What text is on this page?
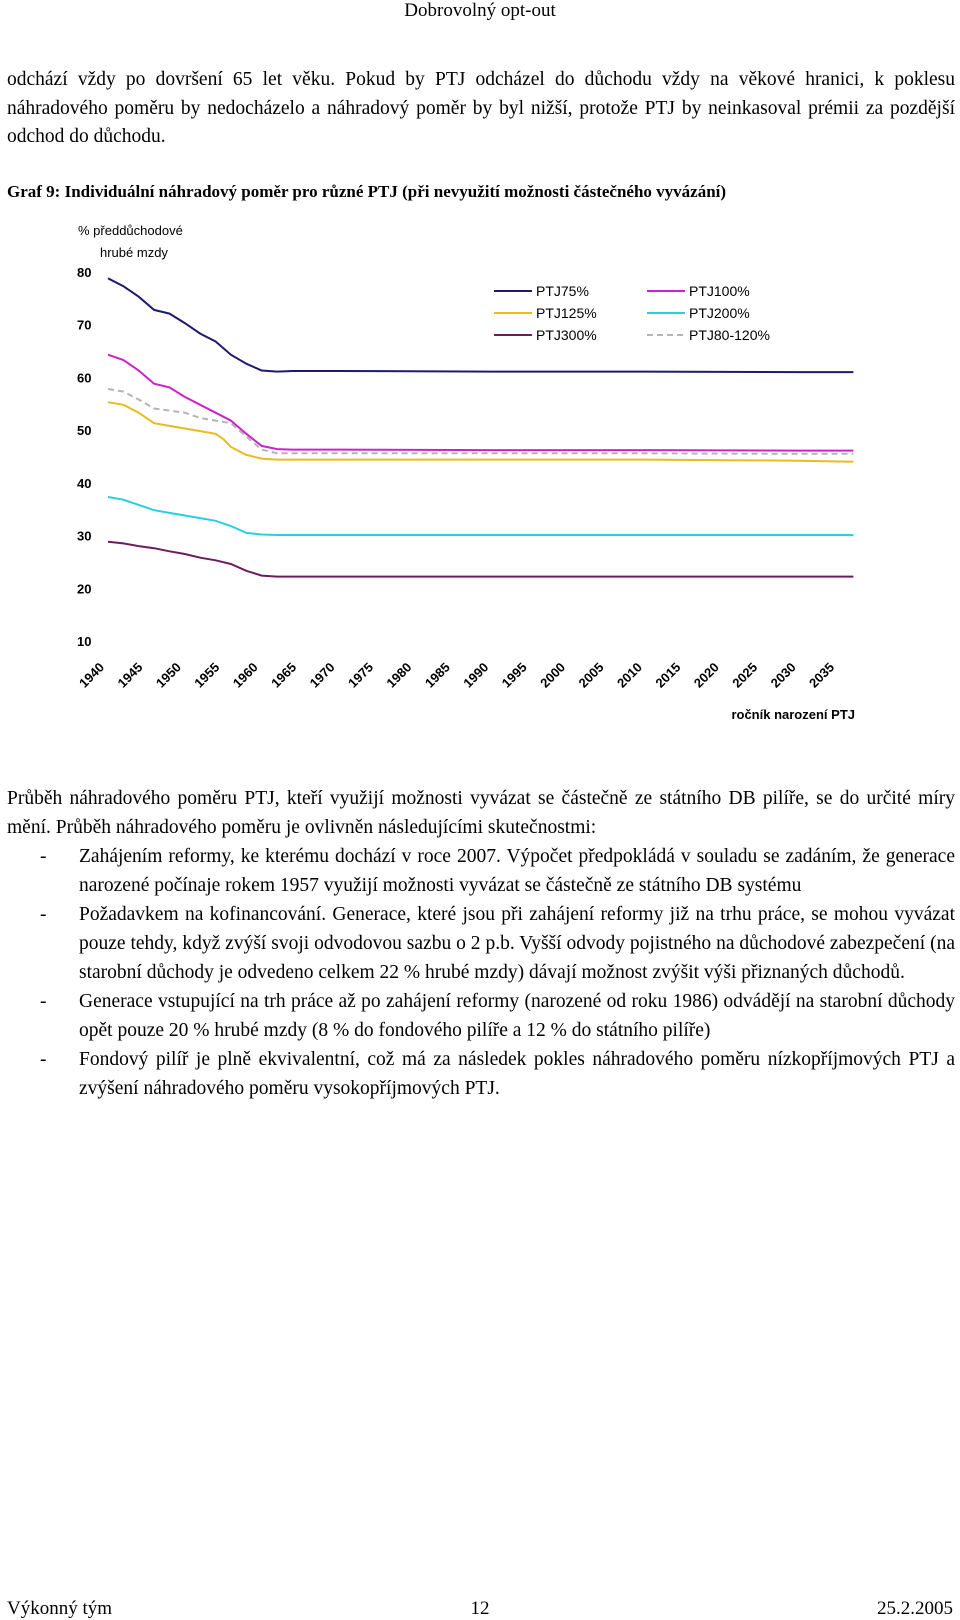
Dobrovolný opt-out

odchází vždy po dovršení 65 let věku. Pokud by PTJ odcházel do důchodu vždy na věkové hranici, k poklesu náhradového poměru by nedocházelo a náhradový poměr by byl nižší, protože PTJ by neinkasoval prémii za pozdější odchod do důchodu.

Graf 9: Individuální náhradový poměr pro různé PTJ (při nevyužití možnosti částečného vyvázání)
% předdůchodové
hrubé mzdy
10
20
30
40
50
60
70
80
1940 1945 1950 1955 1960 1965 1970 1975 1980 1985 1990 1995 2000 2005 2010 2015 2020 2025 2030 2035
PTJ75%	PTJ100%
PTJ125%	PTJ200%
PTJ300%	PTJ80-120%
ročník narození PTJ

Průběh náhradového poměru PTJ, kteří využijí možnosti vyvázat se částečně ze státního DB pilíře, se do určité míry mění. Průběh náhradového poměru je ovlivněn následujícími skutečnostmi:

- Zahájením reformy, ke kterému dochází v roce 2007. Výpočet předpokládá v souladu se zadáním, že generace narozené počínaje rokem 1957 využijí možnosti vyvázat se částečně ze státního DB systému
- Požadavkem na kofinancování. Generace, které jsou při zahájení reformy již na trhu práce, se mohou vyvázat pouze tehdy, když zvýší svoji odvodovou sazbu o 2 p.b. Vyšší odvody pojistného na důchodové zabezpečení (na starobní důchody je odvedeno celkem 22 % hrubé mzdy) dávají možnost zvýšit výši přiznaných důchodů.
- Generace vstupující na trh práce až po zahájení reformy (narozené od roku 1986) odvádějí na starobní důchody opět pouze 20 % hrubé mzdy (8 % do fondového pilíře a 12 % do státního pilíře)
- Fondový pilíř je plně ekvivalentní, což má za následek pokles náhradového poměru nízkopříjmových PTJ a zvýšení náhradového poměru vysokopříjmových PTJ.
Výkonný tým	12	25.2.2005
